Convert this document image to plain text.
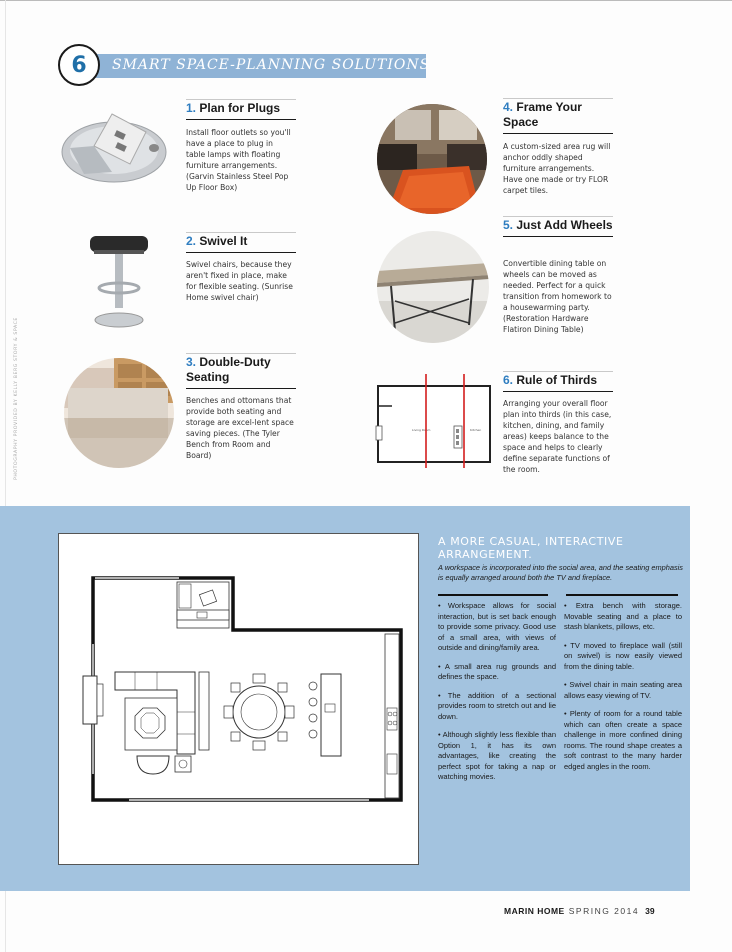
6	SMART SPACE-PLANNING SOLUTIONS
PHOTOGRAPHY PROVIDED BY KELLY BERG STORY & SPACE	Living Room	Kitchen
1. Plan for Plugs
Install floor outlets so you'll have a place to plug in table lamps with floating furniture arrangements. (Garvin Stainless Steel Pop Up Floor Box)
2. Swivel It
Swivel chairs, because they aren't fixed in place, make for flexible seating. (Sunrise Home swivel chair)
3. Double-Duty Seating
Benches and ottomans that provide both seating and storage are excel-lent space saving pieces. (The Tyler Bench from Room and Board)
4. Frame Your Space
A custom-sized area rug will anchor oddly shaped furniture arrangements. Have one made or try FLOR carpet tiles.
5. Just Add Wheels
Convertible dining table on wheels can be moved as needed. Perfect for a quick transition from homework to a housewarming party. (Restoration Hardware Flatiron Dining Table)
6. Rule of Thirds
Arranging your overall floor plan into thirds (in this case, kitchen, dining, and family areas) keeps balance to the space and helps to clearly define separate functions of the room.
A MORE CASUAL, INTERACTIVE ARRANGEMENT.
A workspace is incorporated into the social area, and the seating emphasis is equally arranged around both the TV and fireplace.

• Workspace allows for social interaction, but is set back enough to provide some privacy. Good use of a small area, with views of outside and dining/family area.

• A small area rug grounds and defines the space.

• The addition of a sectional provides room to stretch out and lie down.

• Although slightly less flexible than Option 1, it has its own advantages, like creating the perfect spot for taking a nap or watching movies.

• Extra bench with storage. Movable seating and a place to stash blankets, pillows, etc.

• TV moved to fireplace wall (still on swivel) is now easily viewed from the dining table.

• Swivel chair in main seating area allows easy viewing of TV.

• Plenty of room for a round table which can often create a space challenge in more confined dining rooms. The round shape creates a soft contrast to the many harder edged angles in the room.

MARIN HOME SPRING 2014 39
